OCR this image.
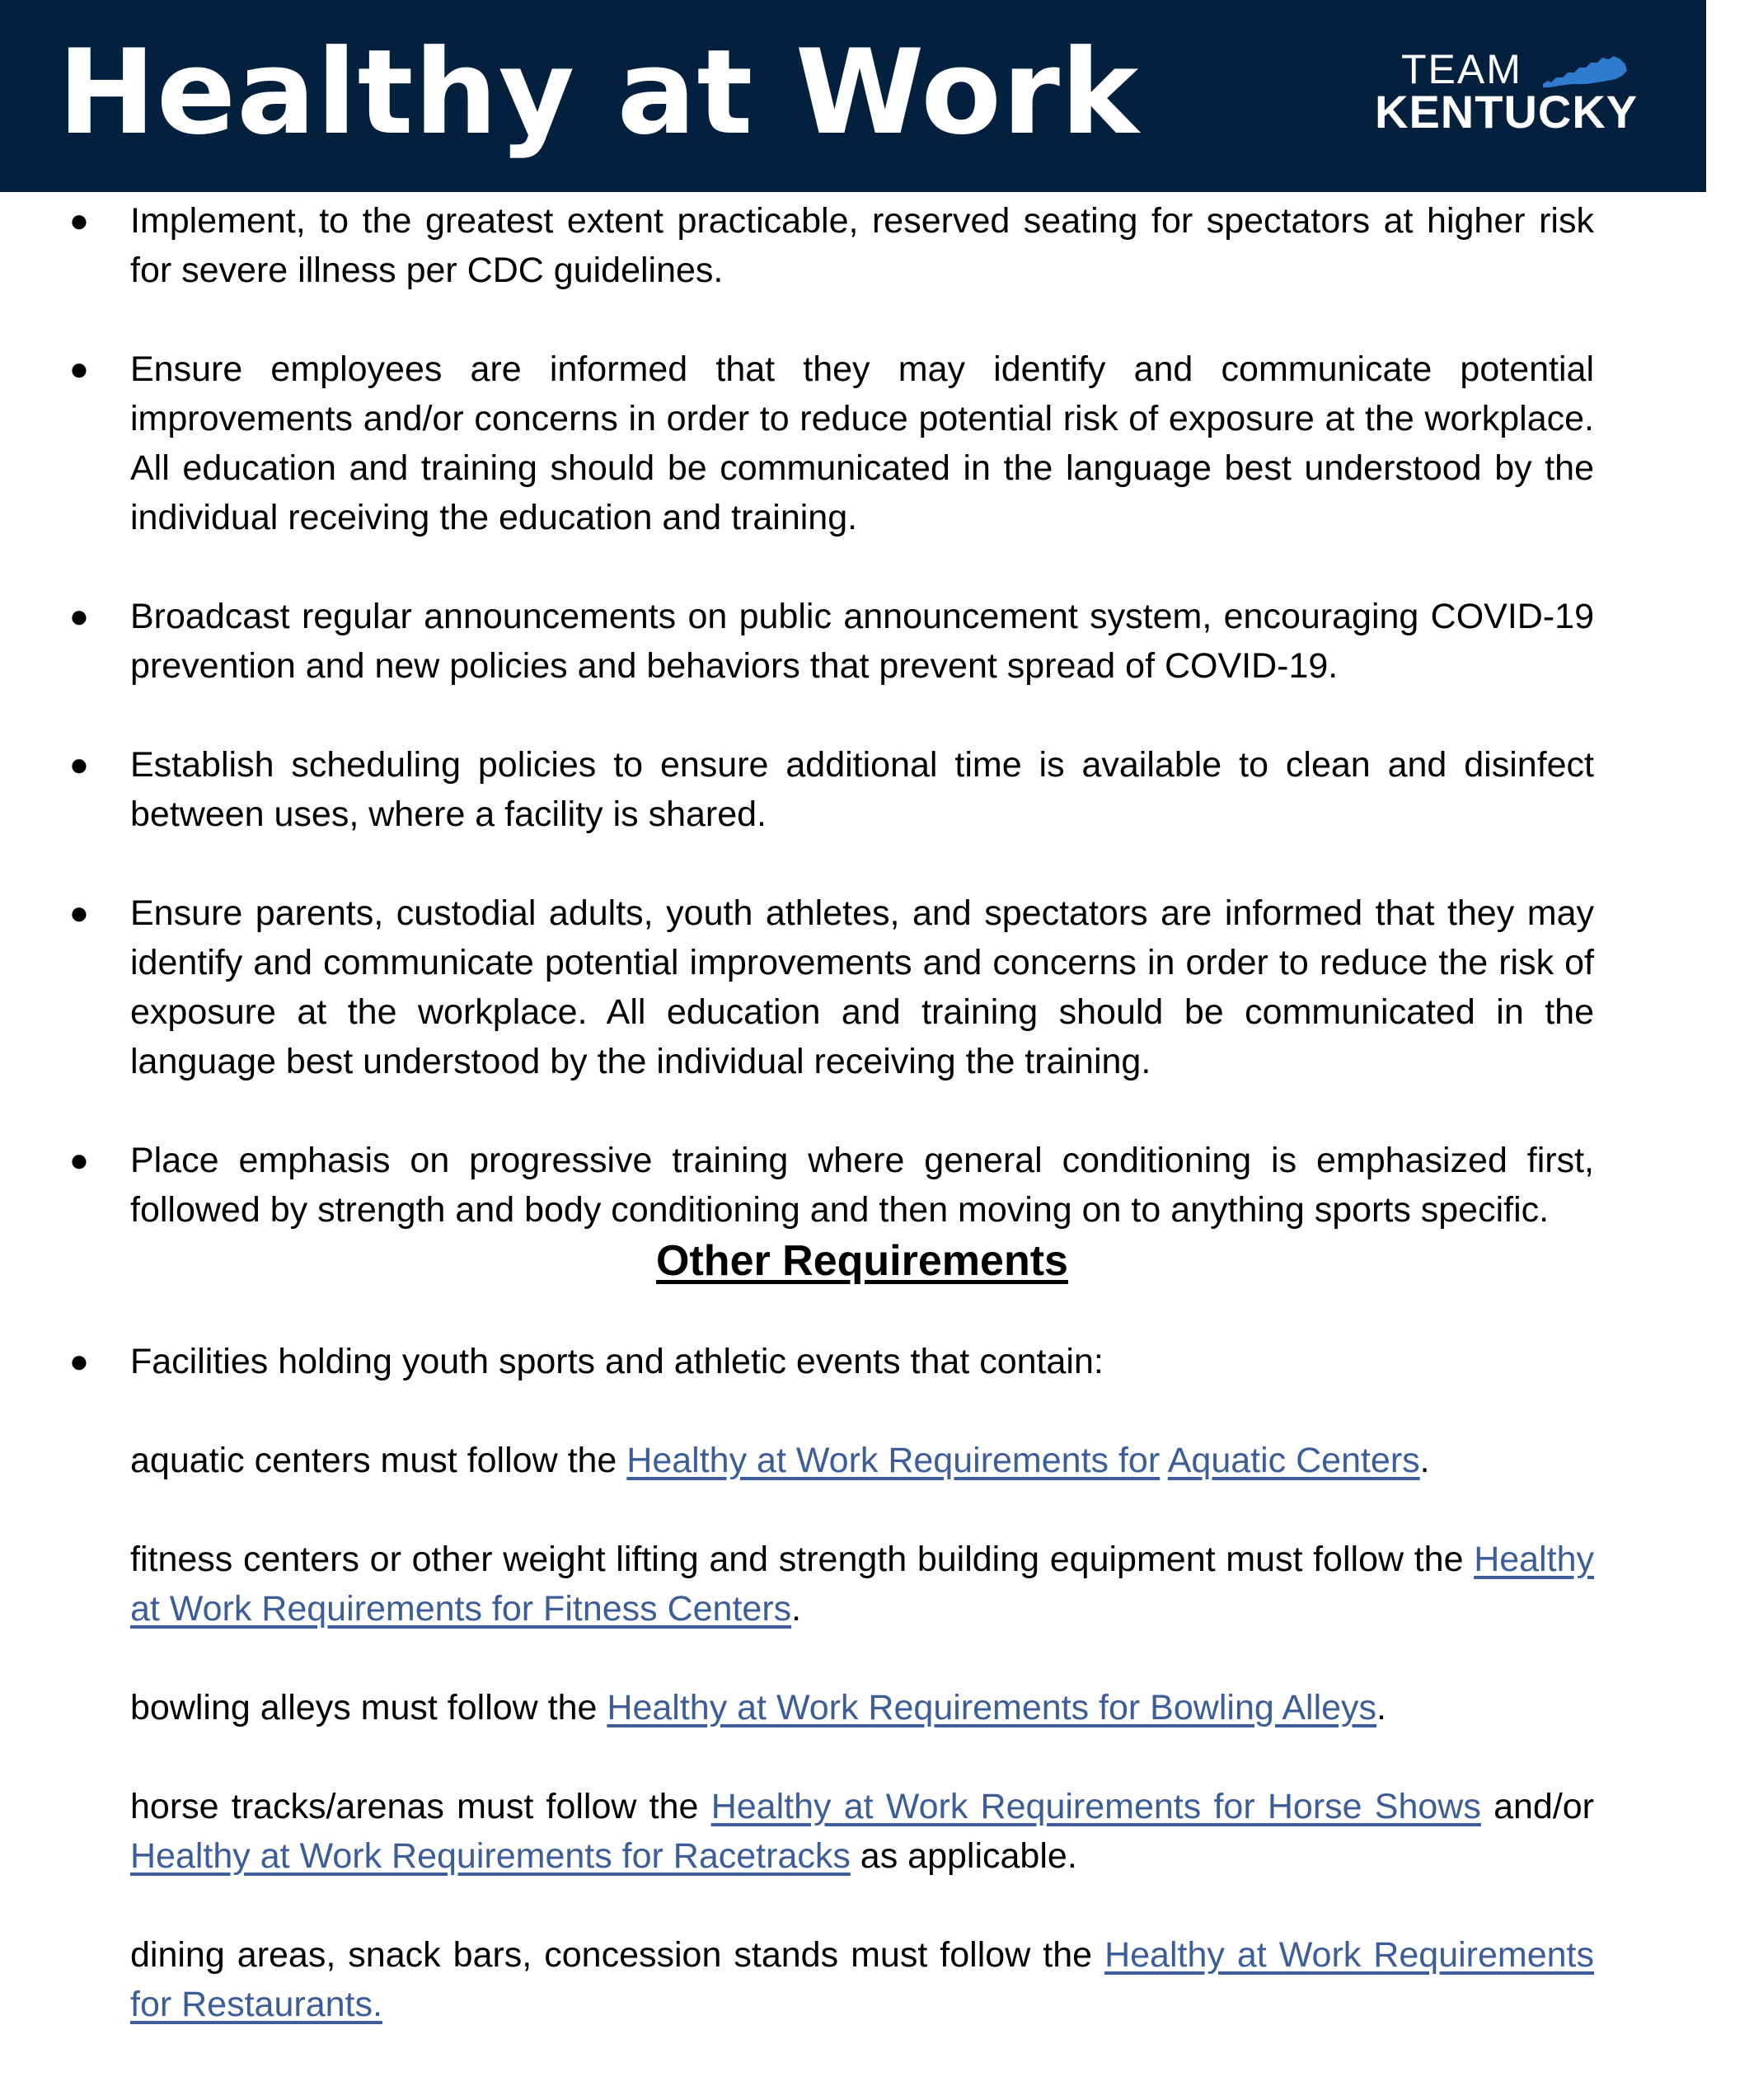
Healthy at Work	TEAM
KENTUCKY
● Implement, to the greatest extent practicable, reserved seating for spectators at higher risk for severe illness per CDC guidelines.
● Ensure employees are informed that they may identify and communicate potential improvements and/or concerns in order to reduce potential risk of exposure at the workplace. All education and training should be communicated in the language best understood by the individual receiving the education and training.
● Broadcast regular announcements on public announcement system, encouraging COVID-19 prevention and new policies and behaviors that prevent spread of COVID-19.
● Establish scheduling policies to ensure additional time is available to clean and disinfect between uses, where a facility is shared.
● Ensure parents, custodial adults, youth athletes, and spectators are informed that they may identify and communicate potential improvements and concerns in order to reduce the risk of exposure at the workplace. All education and training should be communicated in the language best understood by the individual receiving the training.
● Place emphasis on progressive training where general conditioning is emphasized first, followed by strength and body conditioning and then moving on to anything sports specific.
Other Requirements
● Facilities holding youth sports and athletic events that contain:
aquatic centers must follow the Healthy at Work Requirements for Aquatic Centers.
fitness centers or other weight lifting and strength building equipment must follow the Healthy at Work Requirements for Fitness Centers.
bowling alleys must follow the Healthy at Work Requirements for Bowling Alleys.
horse tracks/arenas must follow the Healthy at Work Requirements for Horse Shows and/or Healthy at Work Requirements for Racetracks as applicable.
dining areas, snack bars, concession stands must follow the Healthy at Work Requirements for Restaurants.
